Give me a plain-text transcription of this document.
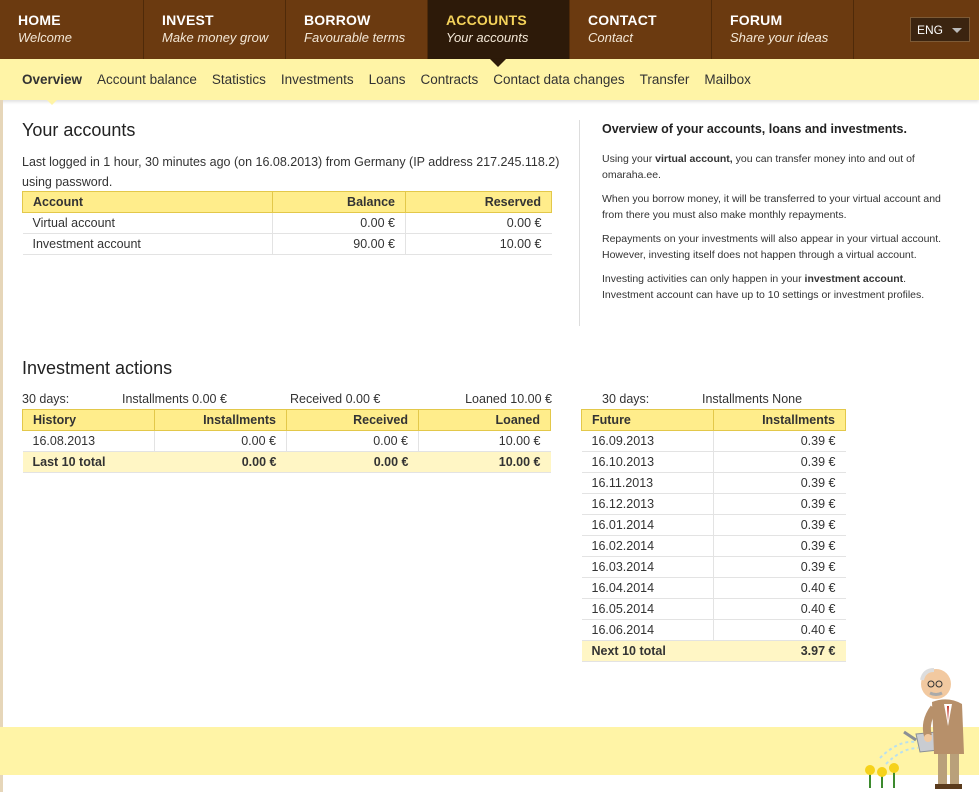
HOME
Welcome
INVEST
Make money grow
BORROW
Favourable terms
ACCOUNTS
Your accounts
CONTACT
Contact
FORUM
Share your ideas	ENG
Overview Account balance Statistics Investments Loans Contracts Contact data changes Transfer Mailbox
Your accounts
Last logged in 1 hour, 30 minutes ago (on 16.08.2013) from Germany (IP address 217.245.118.2) using password.
Account	Balance	Reserved
Virtual account	0.00 €	0.00 €
Investment account	90.00 €	10.00 €
Overview of your accounts, loans and investments.

Using your virtual account, you can transfer money into and out of omaraha.ee.

When you borrow money, it will be transferred to your virtual account and from there you must also make monthly repayments.

Repayments on your investments will also appear in your virtual account. However, investing itself does not happen through a virtual account.

Investing activities can only happen in your investment account. Investment account can have up to 10 settings or investment profiles.

Investment actions
30 days:	Installments 0.00 €	Received 0.00 €	Loaned 10.00 €	30 days:	Installments None
History	Installments	Received	Loaned
16.08.2013	0.00 €	0.00 €	10.00 €
Last 10 total	0.00 €	0.00 €	10.00 €
Future	Installments
16.09.2013	0.39 €
16.10.2013	0.39 €
16.11.2013	0.39 €
16.12.2013	0.39 €
16.01.2014	0.39 €
16.02.2014	0.39 €
16.03.2014	0.39 €
16.04.2014	0.40 €
16.05.2014	0.40 €
16.06.2014	0.40 €
Next 10 total	3.97 €
